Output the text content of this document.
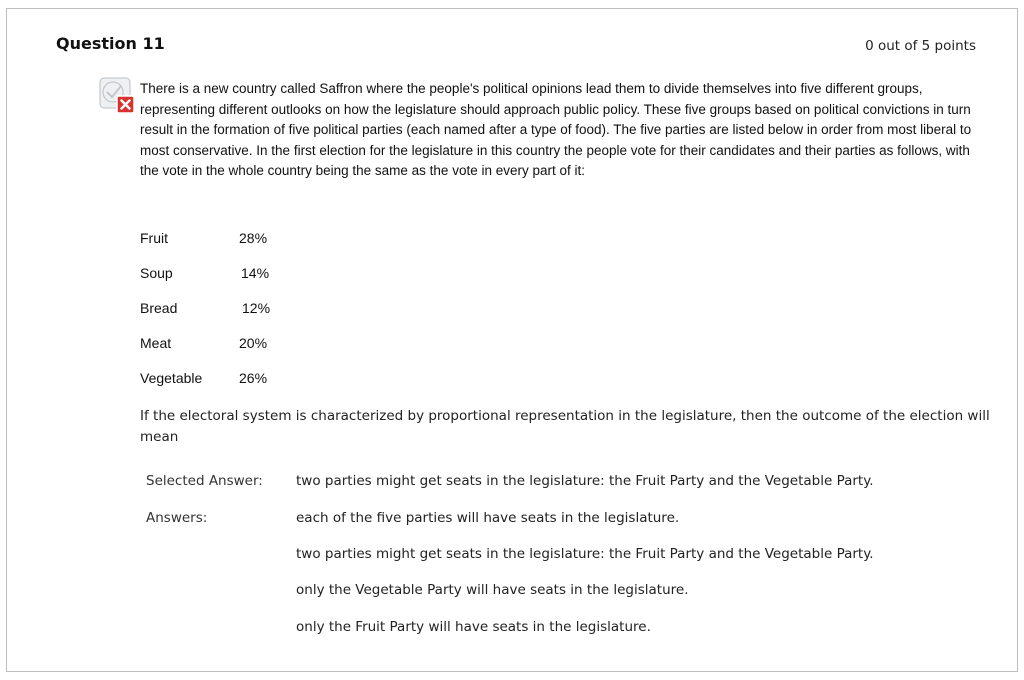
Question 11	0 out of 5 points
There is a new country called Saffron where the people's political opinions lead them to divide themselves into five different groups, representing different outlooks on how the legislature should approach public policy. These five groups based on political convictions in turn result in the formation of five political parties (each named after a type of food). The five parties are listed below in order from most liberal to most conservative. In the first election for the legislature in this country the people vote for their candidates and their parties as follows, with the vote in the whole country being the same as the vote in every part of it:
Fruit	28%
Soup	14%
Bread	12%
Meat	20%
Vegetable	26%
If the electoral system is characterized by proportional representation in the legislature, then the outcome of the election will mean
Selected Answer: two parties might get seats in the legislature: the Fruit Party and the Vegetable Party.
Answers:	each of the five parties will have seats in the legislature.
two parties might get seats in the legislature: the Fruit Party and the Vegetable Party.
only the Vegetable Party will have seats in the legislature.
only the Fruit Party will have seats in the legislature.
